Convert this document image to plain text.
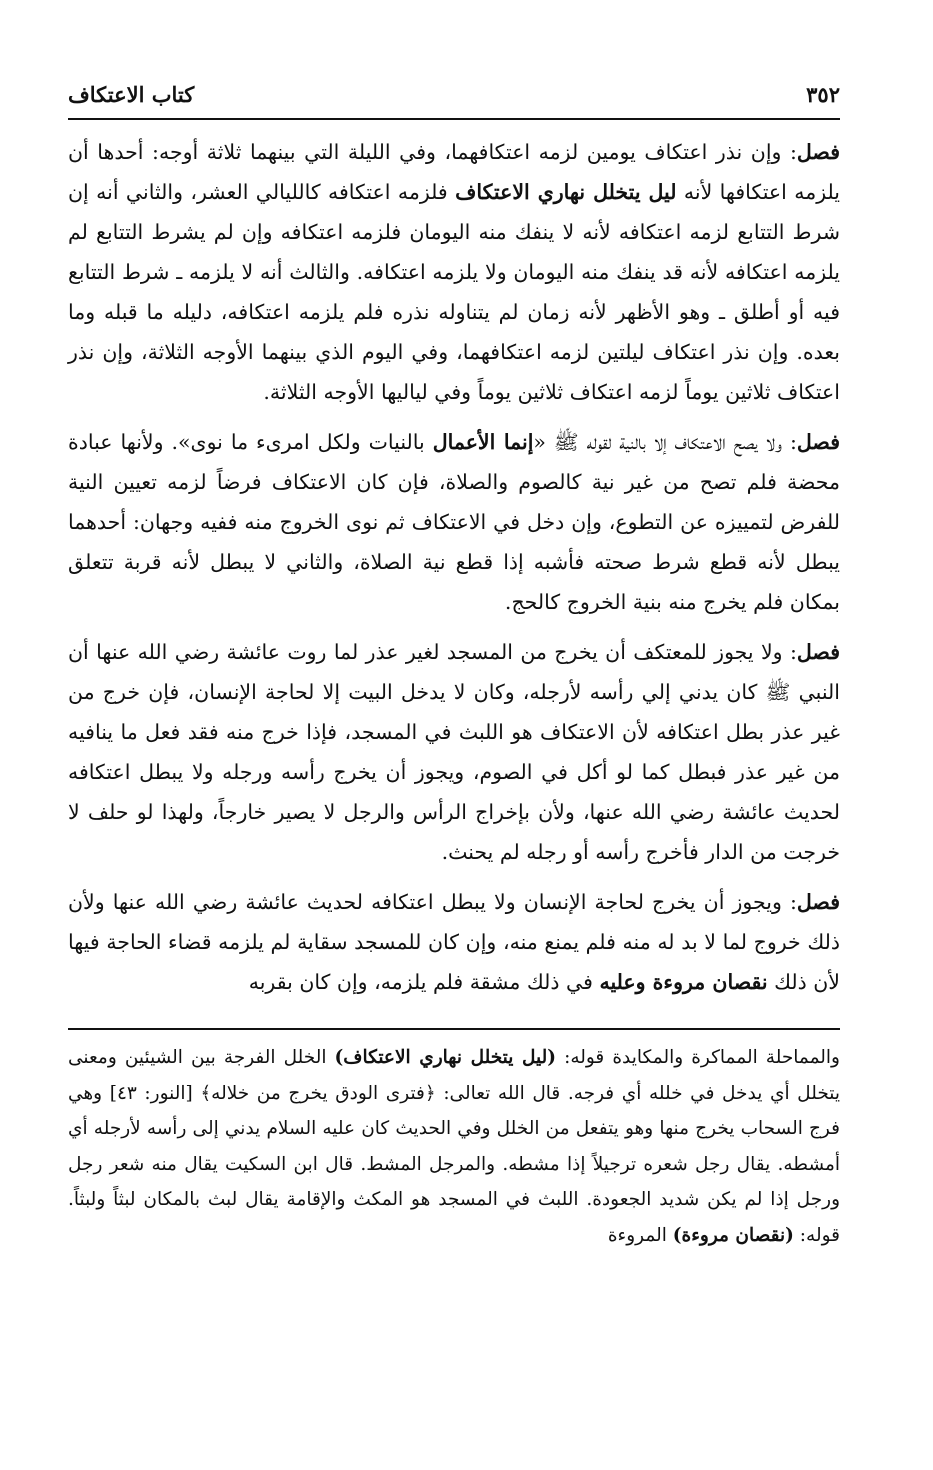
٣٥٢
كتاب الاعتكاف

فصل: وإن نذر اعتكاف يومين لزمه اعتكافهما، وفي الليلة التي بينهما ثلاثة أوجه: أحدها أن يلزمه اعتكافها لأنه ليل يتخلل نهاري الاعتكاف فلزمه اعتكافه كالليالي العشر، والثاني أنه إن شرط التتابع لزمه اعتكافه لأنه لا ينفك منه اليومان فلزمه اعتكافه وإن لم يشرط التتابع لم يلزمه اعتكافه لأنه قد ينفك منه اليومان ولا يلزمه اعتكافه. والثالث أنه لا يلزمه ـ شرط التتابع فيه أو أطلق ـ وهو الأظهر لأنه زمان لم يتناوله نذره فلم يلزمه اعتكافه، دليله ما قبله وما بعده. وإن نذر اعتكاف ليلتين لزمه اعتكافهما، وفي اليوم الذي بينهما الأوجه الثلاثة، وإن نذر اعتكاف ثلاثين يوماً لزمه اعتكاف ثلاثين يوماً وفي لياليها الأوجه الثلاثة.

فصل: ولا يصح الاعتكاف إلا بالنية لقوله ﷺ «إنما الأعمال بالنيات ولكل امرىء ما نوى». ولأنها عبادة محضة فلم تصح من غير نية كالصوم والصلاة، فإن كان الاعتكاف فرضاً لزمه تعيين النية للفرض لتمييزه عن التطوع، وإن دخل في الاعتكاف ثم نوى الخروج منه ففيه وجهان: أحدهما يبطل لأنه قطع شرط صحته فأشبه إذا قطع نية الصلاة، والثاني لا يبطل لأنه قربة تتعلق بمكان فلم يخرج منه بنية الخروج كالحج.

فصل: ولا يجوز للمعتكف أن يخرج من المسجد لغير عذر لما روت عائشة رضي الله عنها أن النبي ﷺ كان يدني إلي رأسه لأرجله، وكان لا يدخل البيت إلا لحاجة الإنسان، فإن خرج من غير عذر بطل اعتكافه لأن الاعتكاف هو اللبث في المسجد، فإذا خرج منه فقد فعل ما ينافيه من غير عذر فبطل كما لو أكل في الصوم، ويجوز أن يخرج رأسه ورجله ولا يبطل اعتكافه لحديث عائشة رضي الله عنها، ولأن بإخراج الرأس والرجل لا يصير خارجاً، ولهذا لو حلف لا خرجت من الدار فأخرج رأسه أو رجله لم يحنث.

فصل: ويجوز أن يخرج لحاجة الإنسان ولا يبطل اعتكافه لحديث عائشة رضي الله عنها ولأن ذلك خروج لما لا بد له منه فلم يمنع منه، وإن كان للمسجد سقاية لم يلزمه قضاء الحاجة فيها لأن ذلك نقصان مروءة وعليه في ذلك مشقة فلم يلزمه، وإن كان بقربه

والمماحلة المماكرة والمكايدة قوله: (ليل يتخلل نهاري الاعتكاف) الخلل الفرجة بين الشيئين ومعنى يتخلل أي يدخل في خلله أي فرجه. قال الله تعالى: ﴿فترى الودق يخرج من خلاله﴾ [النور: ٤٣] وهي فرج السحاب يخرج منها وهو يتفعل من الخلل وفي الحديث كان عليه السلام يدني إلى رأسه لأرجله أي أمشطه. يقال رجل شعره ترجيلاً إذا مشطه. والمرجل المشط. قال ابن السكيت يقال منه شعر رجل ورجل إذا لم يكن شديد الجعودة. اللبث في المسجد هو المكث والإقامة يقال لبث بالمكان لبثاً ولبثاً. قوله: (نقصان مروءة) المروءة
